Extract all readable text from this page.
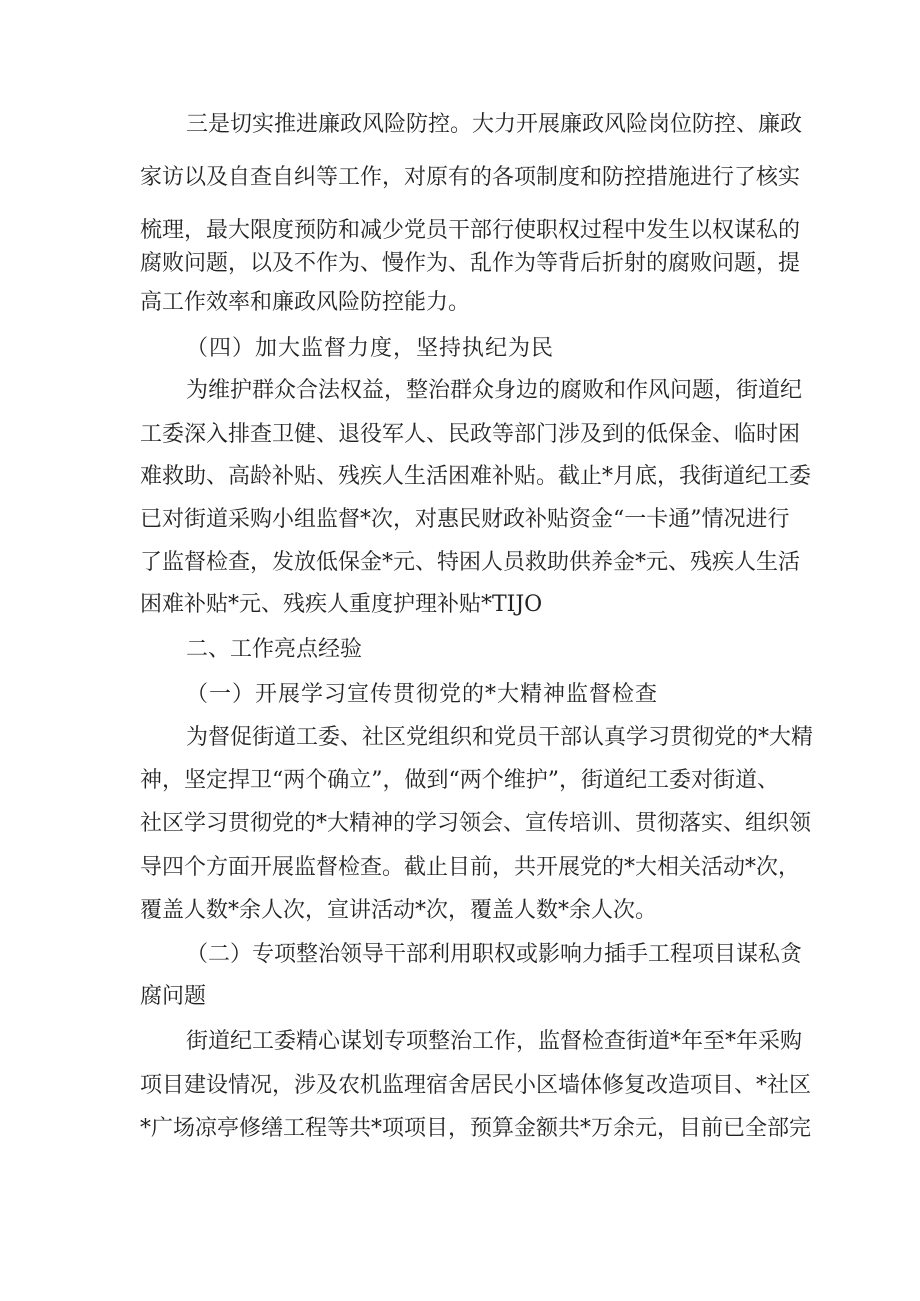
三是切实推进廉政风险防控。大力开展廉政风险岗位防控、廉政
家访以及自查自纠等工作，对原有的各项制度和防控措施进行了核实
梳理，最大限度预防和减少党员干部行使职权过程中发生以权谋私的
腐败问题，以及不作为、慢作为、乱作为等背后折射的腐败问题，提
高工作效率和廉政风险防控能力。
（四）加大监督力度，坚持执纪为民
为维护群众合法权益，整治群众身边的腐败和作风问题，街道纪
工委深入排查卫健、退役军人、民政等部门涉及到的低保金、临时困
难救助、高龄补贴、残疾人生活困难补贴。截止*月底，我街道纪工委
已对街道采购小组监督*次，对惠民财政补贴资金“一卡通”情况进行
了监督检查，发放低保金*元、特困人员救助供养金*元、残疾人生活
困难补贴*元、残疾人重度护理补贴*TIJO
二、工作亮点经验
（一）开展学习宣传贯彻党的*大精神监督检查
为督促街道工委、社区党组织和党员干部认真学习贯彻党的*大精
神，坚定捍卫“两个确立”，做到“两个维护”，街道纪工委对街道、
社区学习贯彻党的*大精神的学习领会、宣传培训、贯彻落实、组织领
导四个方面开展监督检查。截止目前，共开展党的*大相关活动*次，
覆盖人数*余人次，宣讲活动*次，覆盖人数*余人次。
（二）专项整治领导干部利用职权或影响力插手工程项目谋私贪
腐问题
街道纪工委精心谋划专项整治工作，监督检查街道*年至*年采购
项目建设情况，涉及农机监理宿舍居民小区墙体修复改造项目、*社区
*广场凉亭修缮工程等共*项项目，预算金额共*万余元，目前已全部完
